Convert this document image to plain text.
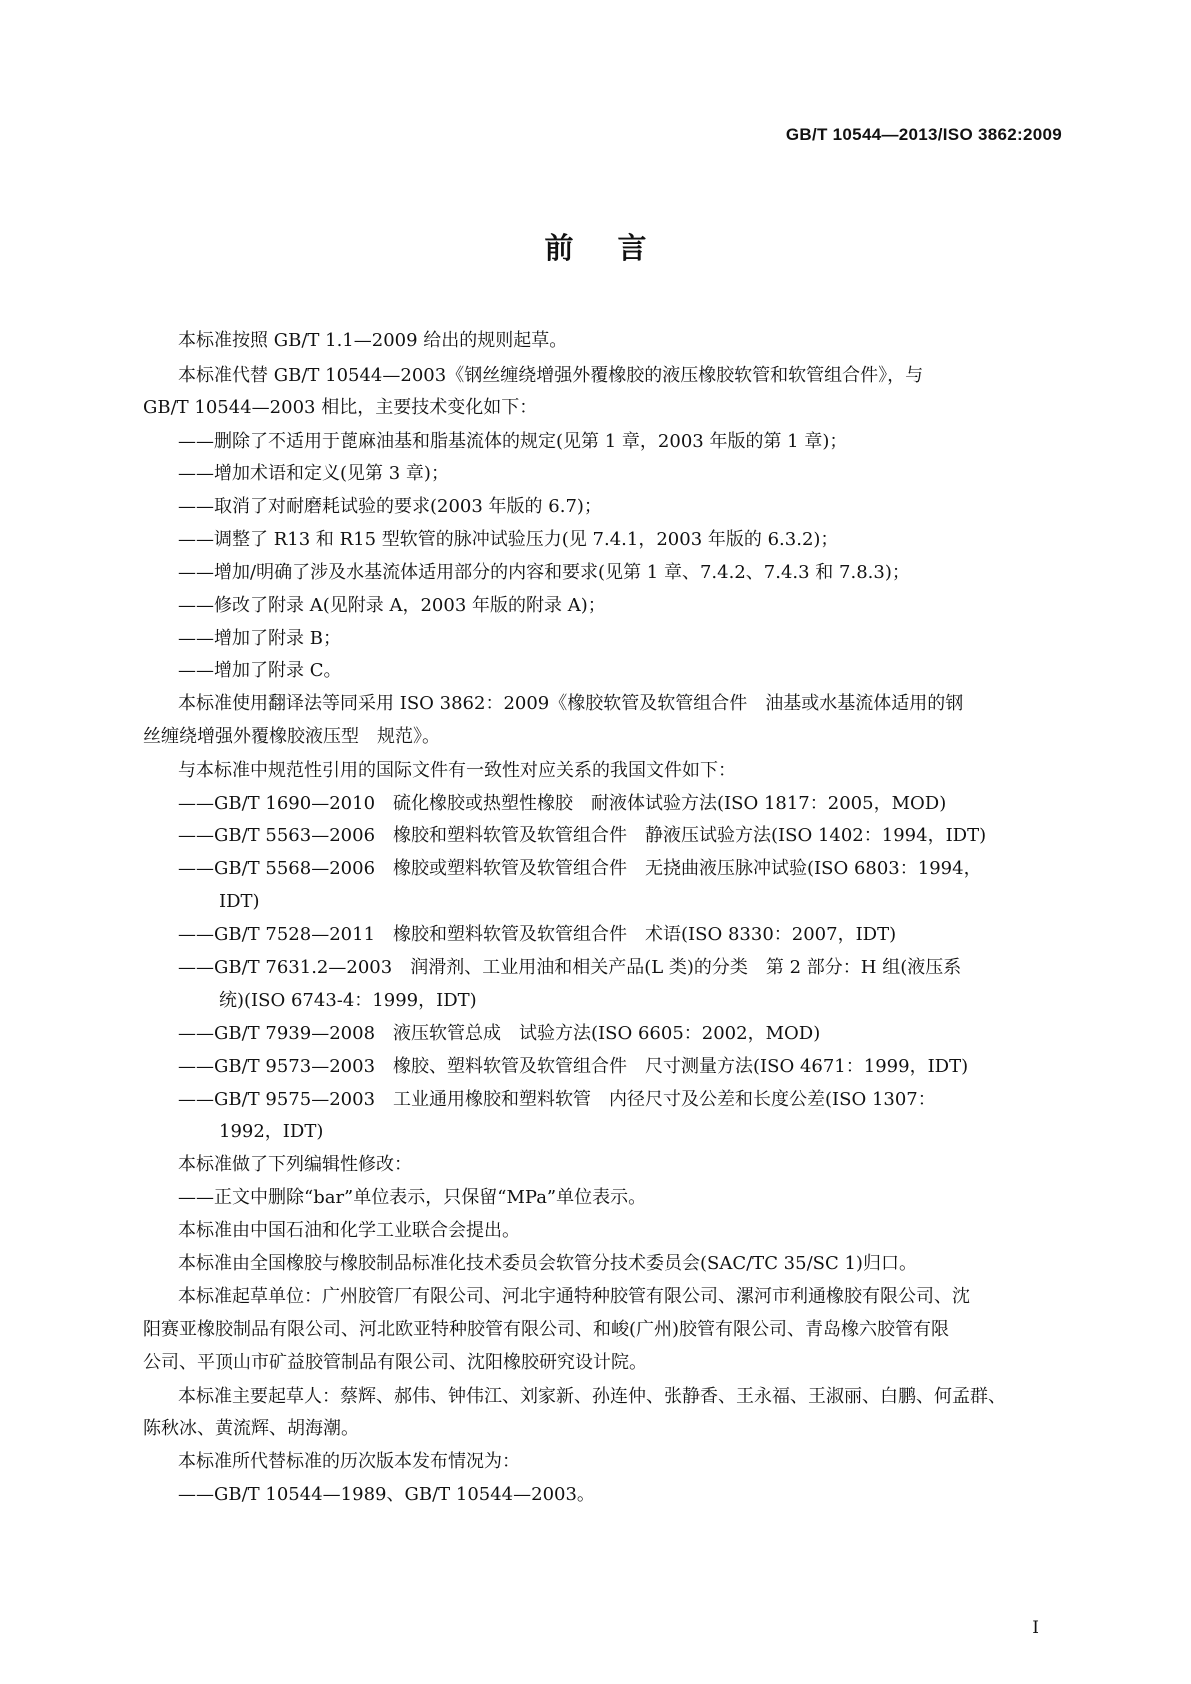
GB/T 10544—2013/ISO 3862:2009
前言
本标准按照 GB/T 1.1—2009 给出的规则起草。
本标准代替 GB/T 10544—2003《钢丝缠绕增强外覆橡胶的液压橡胶软管和软管组合件》，与
GB/T 10544—2003 相比，主要技术变化如下：
——删除了不适用于蓖麻油基和脂基流体的规定(见第 1 章，2003 年版的第 1 章)；
——增加术语和定义(见第 3 章)；
——取消了对耐磨耗试验的要求(2003 年版的 6.7)；
——调整了 R13 和 R15 型软管的脉冲试验压力(见 7.4.1，2003 年版的 6.3.2)；
——增加/明确了涉及水基流体适用部分的内容和要求(见第 1 章、7.4.2、7.4.3 和 7.8.3)；
——修改了附录 A(见附录 A，2003 年版的附录 A)；
——增加了附录 B；
——增加了附录 C。
本标准使用翻译法等同采用 ISO 3862：2009《橡胶软管及软管组合件　油基或水基流体适用的钢
丝缠绕增强外覆橡胶液压型　规范》。
与本标准中规范性引用的国际文件有一致性对应关系的我国文件如下：
——GB/T 1690—2010　硫化橡胶或热塑性橡胶　耐液体试验方法(ISO 1817：2005，MOD)
——GB/T 5563—2006　橡胶和塑料软管及软管组合件　静液压试验方法(ISO 1402：1994，IDT)
——GB/T 5568—2006　橡胶或塑料软管及软管组合件　无挠曲液压脉冲试验(ISO 6803：1994，
IDT)
——GB/T 7528—2011　橡胶和塑料软管及软管组合件　术语(ISO 8330：2007，IDT)
——GB/T 7631.2—2003　润滑剂、工业用油和相关产品(L 类)的分类　第 2 部分：H 组(液压系
统)(ISO 6743-4：1999，IDT)
——GB/T 7939—2008　液压软管总成　试验方法(ISO 6605：2002，MOD)
——GB/T 9573—2003　橡胶、塑料软管及软管组合件　尺寸测量方法(ISO 4671：1999，IDT)
——GB/T 9575—2003　工业通用橡胶和塑料软管　内径尺寸及公差和长度公差(ISO 1307：
1992，IDT)
本标准做了下列编辑性修改：
——正文中删除“bar”单位表示，只保留“MPa”单位表示。
本标准由中国石油和化学工业联合会提出。
本标准由全国橡胶与橡胶制品标准化技术委员会软管分技术委员会(SAC/TC 35/SC 1)归口。
本标准起草单位：广州胶管厂有限公司、河北宇通特种胶管有限公司、漯河市利通橡胶有限公司、沈
阳赛亚橡胶制品有限公司、河北欧亚特种胶管有限公司、和峻(广州)胶管有限公司、青岛橡六胶管有限
公司、平顶山市矿益胶管制品有限公司、沈阳橡胶研究设计院。
本标准主要起草人：蔡辉、郝伟、钟伟江、刘家新、孙连仲、张静香、王永福、王淑丽、白鹏、何孟群、
陈秋冰、黄流辉、胡海潮。
本标准所代替标准的历次版本发布情况为：
——GB/T 10544—1989、GB/T 10544—2003。
I
